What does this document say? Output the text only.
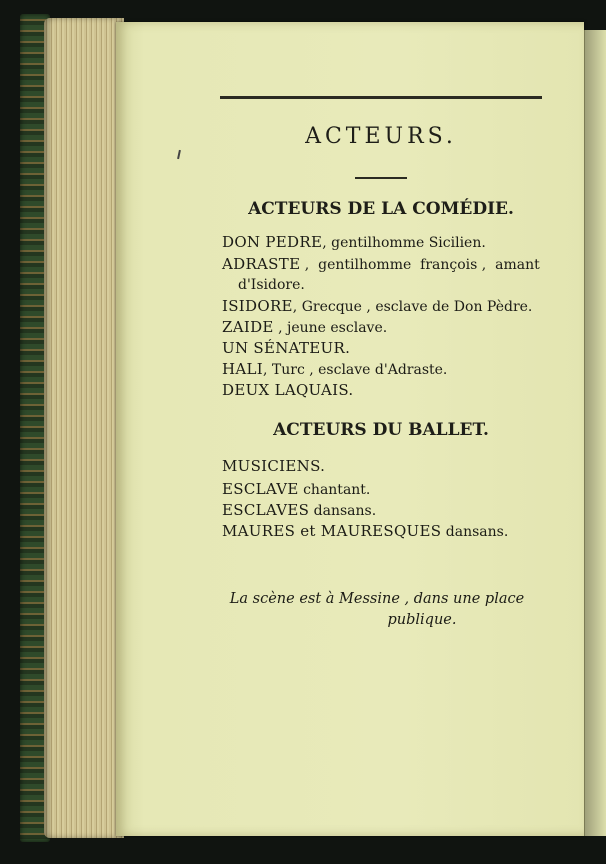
ACTEURS.
ACTEURS DE LA COMÉDIE.
DON PEDRE, gentilhomme Sicilien.
ADRASTE ,  gentilhomme  françois ,  amant
d'Isidore.
ISIDORE, Grecque , esclave de Don Pèdre.
ZAIDE , jeune esclave.
UN SÉNATEUR.
HALI, Turc , esclave d'Adraste.
DEUX LAQUAIS.
ACTEURS DU BALLET.
MUSICIENS.
ESCLAVE chantant.
ESCLAVES dansans.
MAURES et MAURESQUES dansans.
La scène est à Messine , dans une place
publique.
